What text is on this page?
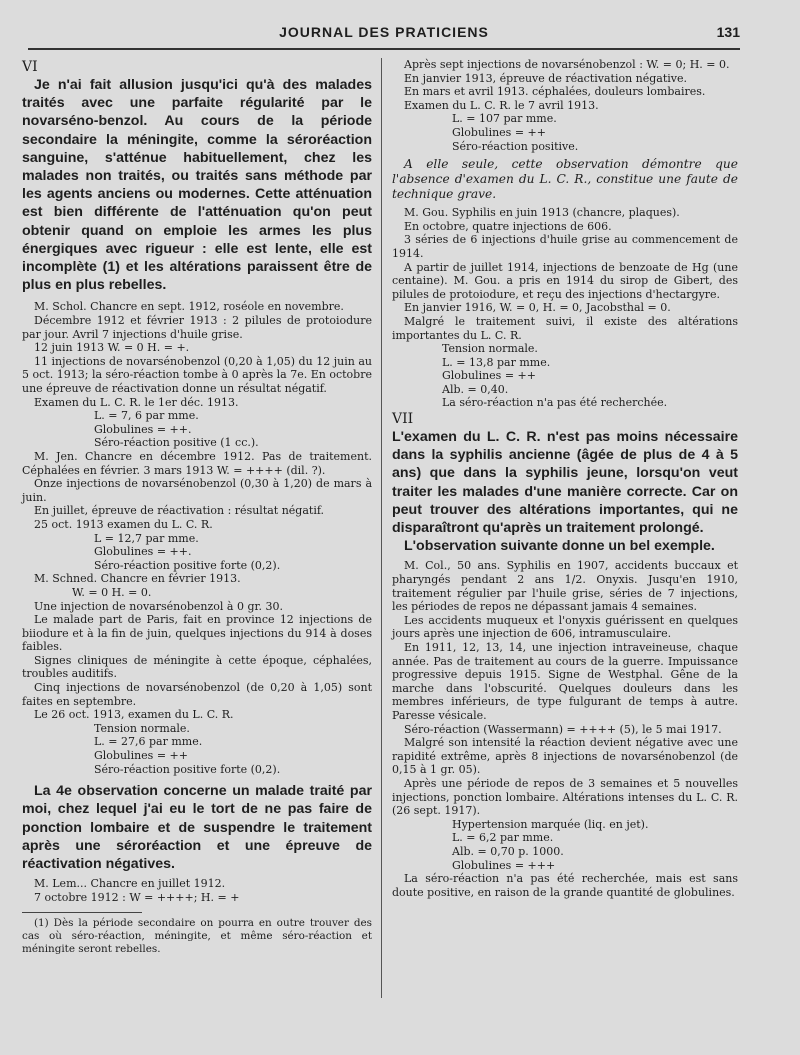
JOURNAL DES PRATICIENS	131

VI

Je n'ai fait allusion jusqu'ici qu'à des malades traités avec une parfaite régularité par le novarséno-benzol. Au cours de la période secondaire la méningite, comme la séroréaction sanguine, s'atténue habituellement, chez les malades non traités, ou traités sans méthode par les agents anciens ou modernes. Cette atténuation est bien différente de l'atténuation qu'on peut obtenir quand on emploie les armes les plus énergiques avec rigueur : elle est lente, elle est incomplète (1) et les altérations paraissent être de plus en plus rebelles.

M. Schol. Chancre en sept. 1912, roséole en novembre.

Décembre 1912 et février 1913 : 2 pilules de protoiodure par jour. Avril 7 injections d'huile grise.

12 juin 1913 W. = 0 H. = +.

11 injections de novarsénobenzol (0,20 à 1,05) du 12 juin au 5 oct. 1913; la séro-réaction tombe à 0 après la 7e. En octobre une épreuve de réactivation donne un résultat négatif.

Examen du L. C. R. le 1er déc. 1913.

L. = 7, 6 par mme.

Globulines = ++.

Séro-réaction positive (1 cc.).

M. Jen. Chancre en décembre 1912. Pas de traitement. Céphalées en février. 3 mars 1913 W. = ++++ (dil. ?).

Onze injections de novarsénobenzol (0,30 à 1,20) de mars à juin.

En juillet, épreuve de réactivation : résultat négatif.

25 oct. 1913 examen du L. C. R.

L = 12,7 par mme.

Globulines = ++.

Séro-réaction positive forte (0,2).

M. Schned. Chancre en février 1913.

W. = 0 H. = 0.

Une injection de novarsénobenzol à 0 gr. 30.

Le malade part de Paris, fait en province 12 injections de biiodure et à la fin de juin, quelques injections du 914 à doses faibles.

Signes cliniques de méningite à cette époque, céphalées, troubles auditifs.

Cinq injections de novarsénobenzol (de 0,20 à 1,05) sont faites en septembre.

Le 26 oct. 1913, examen du L. C. R.

Tension normale.

L. = 27,6 par mme.

Globulines = ++

Séro-réaction positive forte (0,2).

La 4e observation concerne un malade traité par moi, chez lequel j'ai eu le tort de ne pas faire de ponction lombaire et de suspendre le traitement après une séroréaction et une épreuve de réactivation négatives.

M. Lem... Chancre en juillet 1912.

7 octobre 1912 : W = ++++; H. = +

(1) Dès la période secondaire on pourra en outre trouver des cas où séro-réaction, méningite, et même séro-réaction et méningite seront rebelles.

Après sept injections de novarsénobenzol : W. = 0; H. = 0.

En janvier 1913, épreuve de réactivation négative.

En mars et avril 1913. céphalées, douleurs lombaires.

Examen du L. C. R. le 7 avril 1913.

L. = 107 par mme.

Globulines = ++

Séro-réaction positive.

A elle seule, cette observation démontre que l'absence d'examen du L. C. R., constitue une faute de technique grave.

M. Gou. Syphilis en juin 1913 (chancre, plaques).

En octobre, quatre injections de 606.

3 séries de 6 injections d'huile grise au commencement de 1914.

A partir de juillet 1914, injections de benzoate de Hg (une centaine). M. Gou. a pris en 1914 du sirop de Gibert, des pilules de protoiodure, et reçu des injections d'hectargyre.

En janvier 1916, W. = 0, H. = 0, Jacobsthal = 0.

Malgré le traitement suivi, il existe des altérations importantes du L. C. R.

Tension normale.

L. = 13,8 par mme.

Globulines = ++

Alb. = 0,40.

La séro-réaction n'a pas été recherchée.

VII

L'examen du L. C. R. n'est pas moins nécessaire dans la syphilis ancienne (âgée de plus de 4 à 5 ans) que dans la syphilis jeune, lorsqu'on veut traiter les malades d'une manière correcte. Car on peut trouver des altérations importantes, qui ne disparaîtront qu'après un traitement prolongé.

L'observation suivante donne un bel exemple.

M. Col., 50 ans. Syphilis en 1907, accidents buccaux et pharyngés pendant 2 ans 1/2. Onyxis. Jusqu'en 1910, traitement régulier par l'huile grise, séries de 7 injections, les périodes de repos ne dépassant jamais 4 semaines.

Les accidents muqueux et l'onyxis guérissent en quelques jours après une injection de 606, intramusculaire.

En 1911, 12, 13, 14, une injection intraveineuse, chaque année. Pas de traitement au cours de la guerre. Impuissance progressive depuis 1915. Signe de Westphal. Gêne de la marche dans l'obscurité. Quelques douleurs dans les membres inférieurs, de type fulgurant de temps à autre. Paresse vésicale.

Séro-réaction (Wassermann) = ++++ (5), le 5 mai 1917.

Malgré son intensité la réaction devient négative avec une rapidité extrême, après 8 injections de novarsénobenzol (de 0,15 à 1 gr. 05).

Après une période de repos de 3 semaines et 5 nouvelles injections, ponction lombaire. Altérations intenses du L. C. R. (26 sept. 1917).

Hypertension marquée (liq. en jet).

L. = 6,2 par mme.

Alb. = 0,70 p. 1000.

Globulines = +++

La séro-réaction n'a pas été recherchée, mais est sans doute positive, en raison de la grande quantité de globulines.
